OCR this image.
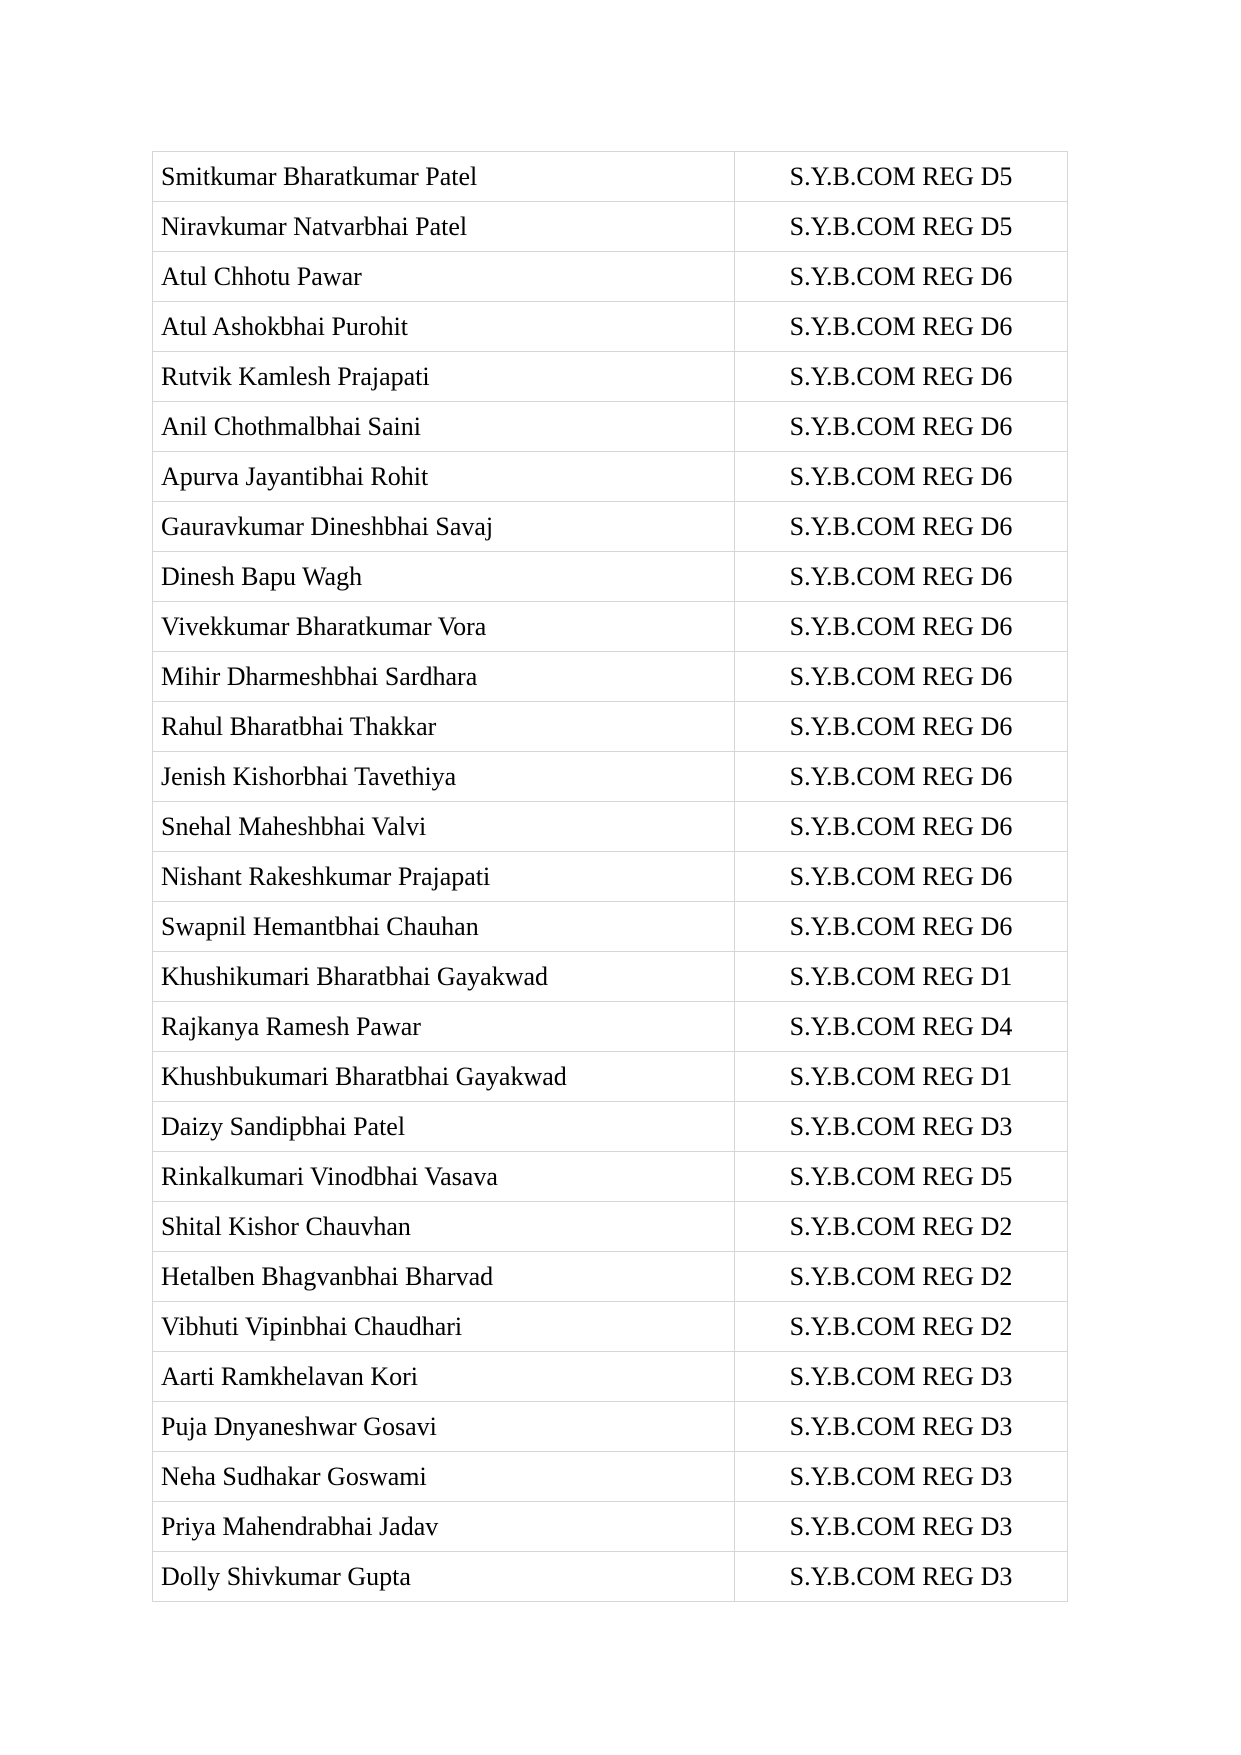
Smitkumar Bharatkumar Patel	S.Y.B.COM REG D5
Niravkumar Natvarbhai Patel	S.Y.B.COM REG D5
Atul Chhotu Pawar	S.Y.B.COM REG D6
Atul Ashokbhai Purohit	S.Y.B.COM REG D6
Rutvik Kamlesh Prajapati	S.Y.B.COM REG D6
Anil Chothmalbhai Saini	S.Y.B.COM REG D6
Apurva Jayantibhai Rohit	S.Y.B.COM REG D6
Gauravkumar Dineshbhai Savaj	S.Y.B.COM REG D6
Dinesh Bapu Wagh	S.Y.B.COM REG D6
Vivekkumar Bharatkumar Vora	S.Y.B.COM REG D6
Mihir Dharmeshbhai Sardhara	S.Y.B.COM REG D6
Rahul Bharatbhai Thakkar	S.Y.B.COM REG D6
Jenish Kishorbhai Tavethiya	S.Y.B.COM REG D6
Snehal Maheshbhai Valvi	S.Y.B.COM REG D6
Nishant Rakeshkumar Prajapati	S.Y.B.COM REG D6
Swapnil Hemantbhai Chauhan	S.Y.B.COM REG D6
Khushikumari Bharatbhai Gayakwad	S.Y.B.COM REG D1
Rajkanya Ramesh Pawar	S.Y.B.COM REG D4
Khushbukumari Bharatbhai Gayakwad	S.Y.B.COM REG D1
Daizy Sandipbhai Patel	S.Y.B.COM REG D3
Rinkalkumari Vinodbhai Vasava	S.Y.B.COM REG D5
Shital Kishor Chauvhan	S.Y.B.COM REG D2
Hetalben Bhagvanbhai Bharvad	S.Y.B.COM REG D2
Vibhuti Vipinbhai Chaudhari	S.Y.B.COM REG D2
Aarti Ramkhelavan Kori	S.Y.B.COM REG D3
Puja Dnyaneshwar Gosavi	S.Y.B.COM REG D3
Neha Sudhakar Goswami	S.Y.B.COM REG D3
Priya Mahendrabhai Jadav	S.Y.B.COM REG D3
Dolly Shivkumar Gupta	S.Y.B.COM REG D3
